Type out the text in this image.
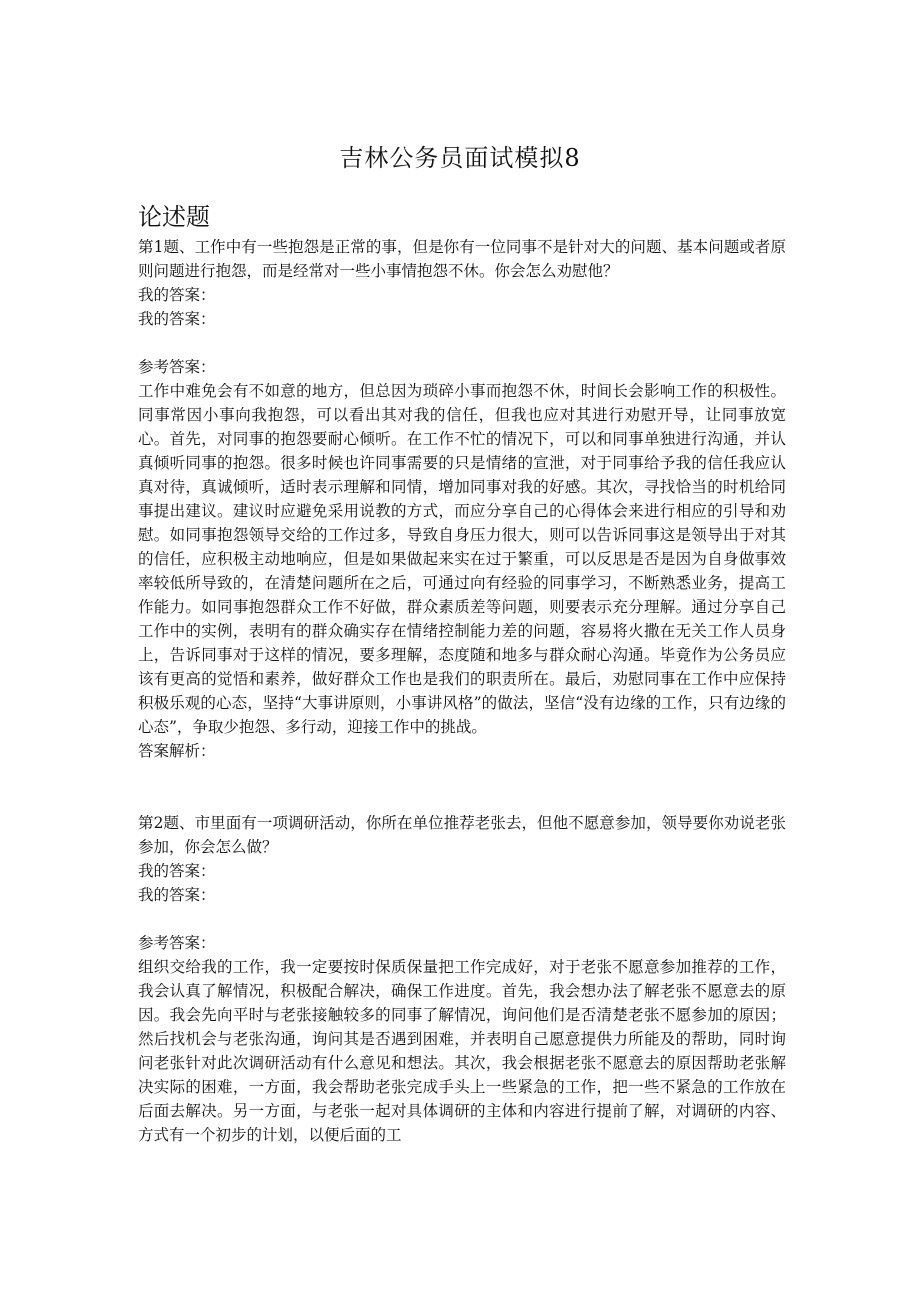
吉林公务员面试模拟8
论述题

第1题、工作中有一些抱怨是正常的事，但是你有一位同事不是针对大的问题、基本问题或者原则问题进行抱怨，而是经常对一些小事情抱怨不休。你会怎么劝慰他？

我的答案：

我的答案：

参考答案：

工作中难免会有不如意的地方，但总因为琐碎小事而抱怨不休，时间长会影响工作的积极性。同事常因小事向我抱怨，可以看出其对我的信任，但我也应对其进行劝慰开导，让同事放宽心。首先，对同事的抱怨要耐心倾听。在工作不忙的情况下，可以和同事单独进行沟通，并认真倾听同事的抱怨。很多时候也许同事需要的只是情绪的宣泄，对于同事给予我的信任我应认真对待，真诚倾听，适时表示理解和同情，增加同事对我的好感。其次，寻找恰当的时机给同事提出建议。建议时应避免采用说教的方式，而应分享自己的心得体会来进行相应的引导和劝慰。如同事抱怨领导交给的工作过多，导致自身压力很大，则可以告诉同事这是领导出于对其的信任，应积极主动地响应，但是如果做起来实在过于繁重，可以反思是否是因为自身做事效率较低所导致的，在清楚问题所在之后，可通过向有经验的同事学习，不断熟悉业务，提高工作能力。如同事抱怨群众工作不好做，群众素质差等问题，则要表示充分理解。通过分享自己工作中的实例，表明有的群众确实存在情绪控制能力差的问题，容易将火撒在无关工作人员身上，告诉同事对于这样的情况，要多理解，态度随和地多与群众耐心沟通。毕竟作为公务员应该有更高的觉悟和素养，做好群众工作也是我们的职责所在。最后，劝慰同事在工作中应保持积极乐观的心态，坚持“大事讲原则，小事讲风格”的做法，坚信“没有边缘的工作，只有边缘的心态”，争取少抱怨、多行动，迎接工作中的挑战。

答案解析：

第2题、市里面有一项调研活动，你所在单位推荐老张去，但他不愿意参加，领导要你劝说老张参加，你会怎么做？

我的答案：

我的答案：

参考答案：

组织交给我的工作，我一定要按时保质保量把工作完成好，对于老张不愿意参加推荐的工作，我会认真了解情况，积极配合解决，确保工作进度。首先，我会想办法了解老张不愿意去的原因。我会先向平时与老张接触较多的同事了解情况，询问他们是否清楚老张不愿参加的原因；然后找机会与老张沟通，询问其是否遇到困难，并表明自己愿意提供力所能及的帮助，同时询问老张针对此次调研活动有什么意见和想法。其次，我会根据老张不愿意去的原因帮助老张解决实际的困难，一方面，我会帮助老张完成手头上一些紧急的工作，把一些不紧急的工作放在后面去解决。另一方面，与老张一起对具体调研的主体和内容进行提前了解，对调研的内容、方式有一个初步的计划，以便后面的工
